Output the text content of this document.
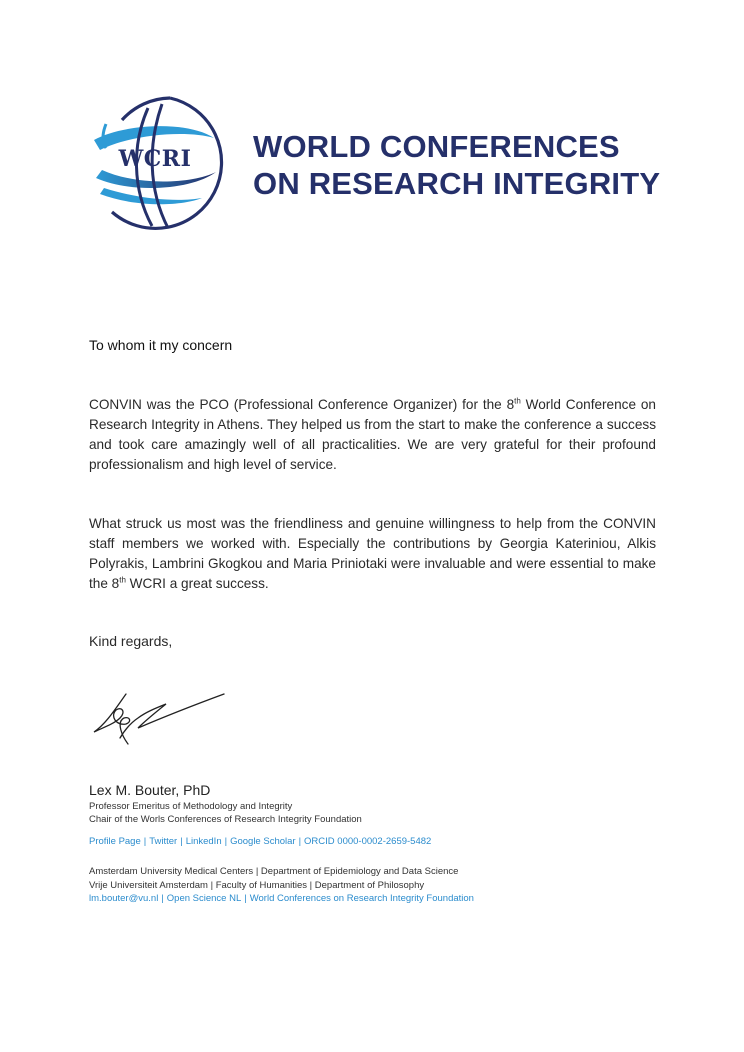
WCRI WORLD CONFERENCES
ON RESEARCH INTEGRITY
To whom it my concern
CONVIN was the PCO (Professional Conference Organizer) for the 8th World Conference on Research Integrity in Athens. They helped us from the start to make the conference a success and took care amazingly well of all practicalities. We are very grateful for their profound professionalism and high level of service.
What struck us most was the friendliness and genuine willingness to help from the CONVIN staff members we worked with. Especially the contributions by Georgia Kateriniou, Alkis Polyrakis, Lambrini Gkogkou and Maria Priniotaki were invaluable and were essential to make the 8th WCRI a great success.
Kind regards,
Lex M. Bouter, PhD
Professor Emeritus of Methodology and Integrity
Chair of the Worls Conferences of Research Integrity Foundation
Profile Page | Twitter | LinkedIn | Google Scholar | ORCID 0000-0002-2659-5482
Amsterdam University Medical Centers | Department of Epidemiology and Data Science
Vrije Universiteit Amsterdam | Faculty of Humanities | Department of Philosophy
lm.bouter@vu.nl | Open Science NL | World Conferences on Research Integrity Foundation
